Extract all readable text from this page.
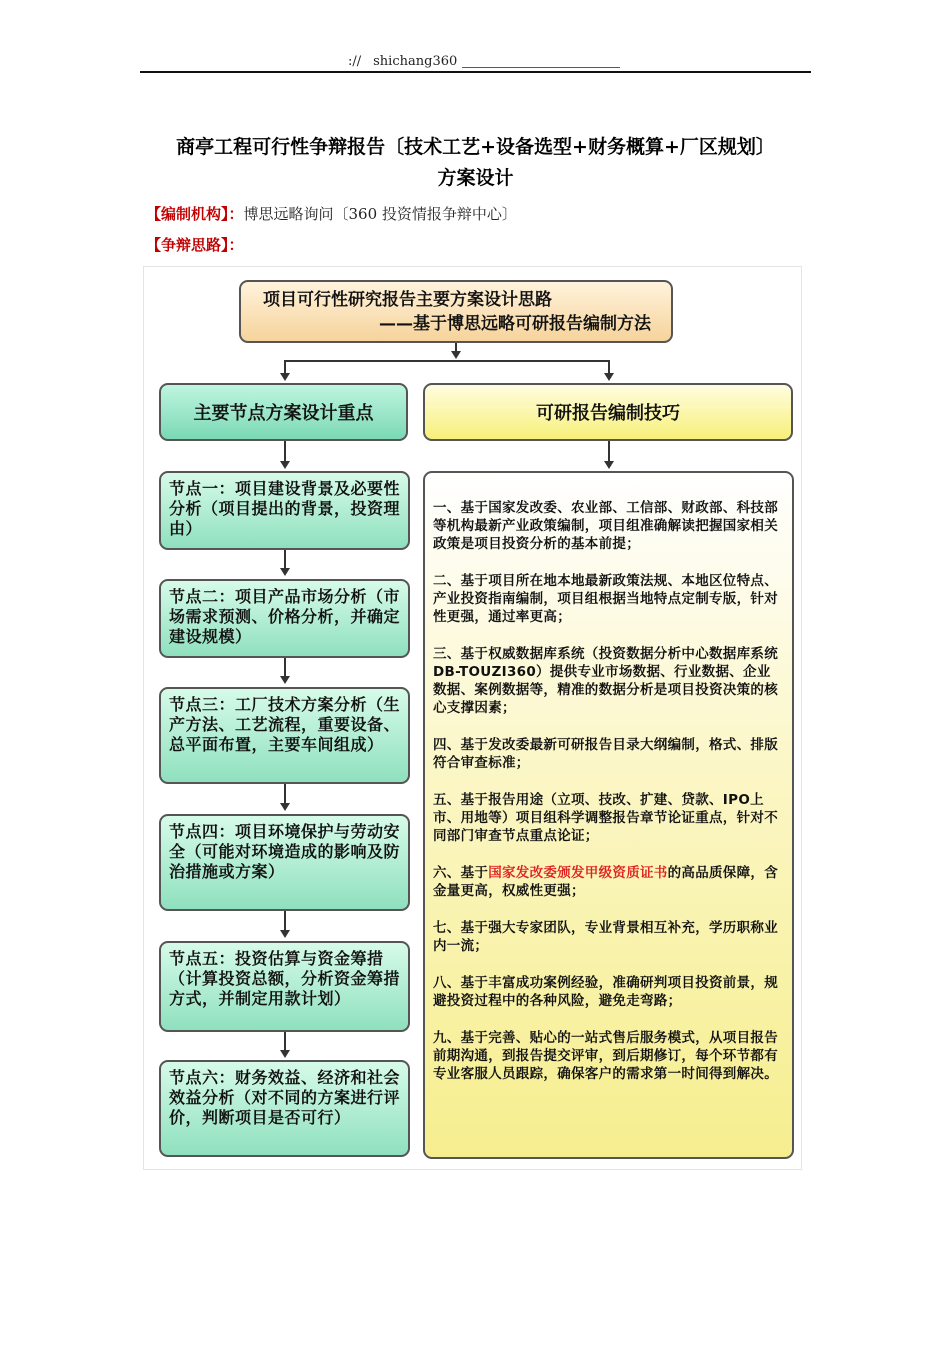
:// shichang360
商亭工程可行性争辩报告〔技术工艺+设备选型+财务概算+厂区规划〕
方案设计
【编制机构】：博思远略询问〔360 投资情报争辩中心〕
【争辩思路】：
项目可行性研究报告主要方案设计思路
——基于博思远略可研报告编制方法
主要节点方案设计重点	可研报告编制技巧
节点一：项目建设背景及必要性分析（项目提出的背景，投资理由）
节点二：项目产品市场分析（市场需求预测、价格分析，并确定建设规模）
节点三：工厂技术方案分析（生产方法、工艺流程，重要设备、总平面布置，主要车间组成）
节点四：项目环境保护与劳动安全（可能对环境造成的影响及防治措施或方案）
节点五：投资估算与资金筹措（计算投资总额，分析资金筹措方式，并制定用款计划）
节点六：财务效益、经济和社会效益分析（对不同的方案进行评价，判断项目是否可行）

一、基于国家发改委、农业部、工信部、财政部、科技部等机构最新产业政策编制，项目组准确解读把握国家相关政策是项目投资分析的基本前提；

二、基于项目所在地本地最新政策法规、本地区位特点、产业投资指南编制，项目组根据当地特点定制专版，针对性更强，通过率更高；

三、基于权威数据库系统（投资数据分析中心数据库系统DB-TOUZI360）提供专业市场数据、行业数据、企业数据、案例数据等，精准的数据分析是项目投资决策的核心支撑因素；

四、基于发改委最新可研报告目录大纲编制，格式、排版符合审查标准；

五、基于报告用途（立项、技改、扩建、贷款、IPO上市、用地等）项目组科学调整报告章节论证重点，针对不同部门审查节点重点论证；

六、基于国家发改委颁发甲级资质证书的高品质保障，含金量更高，权威性更强；

七、基于强大专家团队，专业背景相互补充，学历职称业内一流；

八、基于丰富成功案例经验，准确研判项目投资前景，规避投资过程中的各种风险，避免走弯路；

九、基于完善、贴心的一站式售后服务模式，从项目报告前期沟通，到报告提交评审，到后期修订，每个环节都有专业客服人员跟踪，确保客户的需求第一时间得到解决。
